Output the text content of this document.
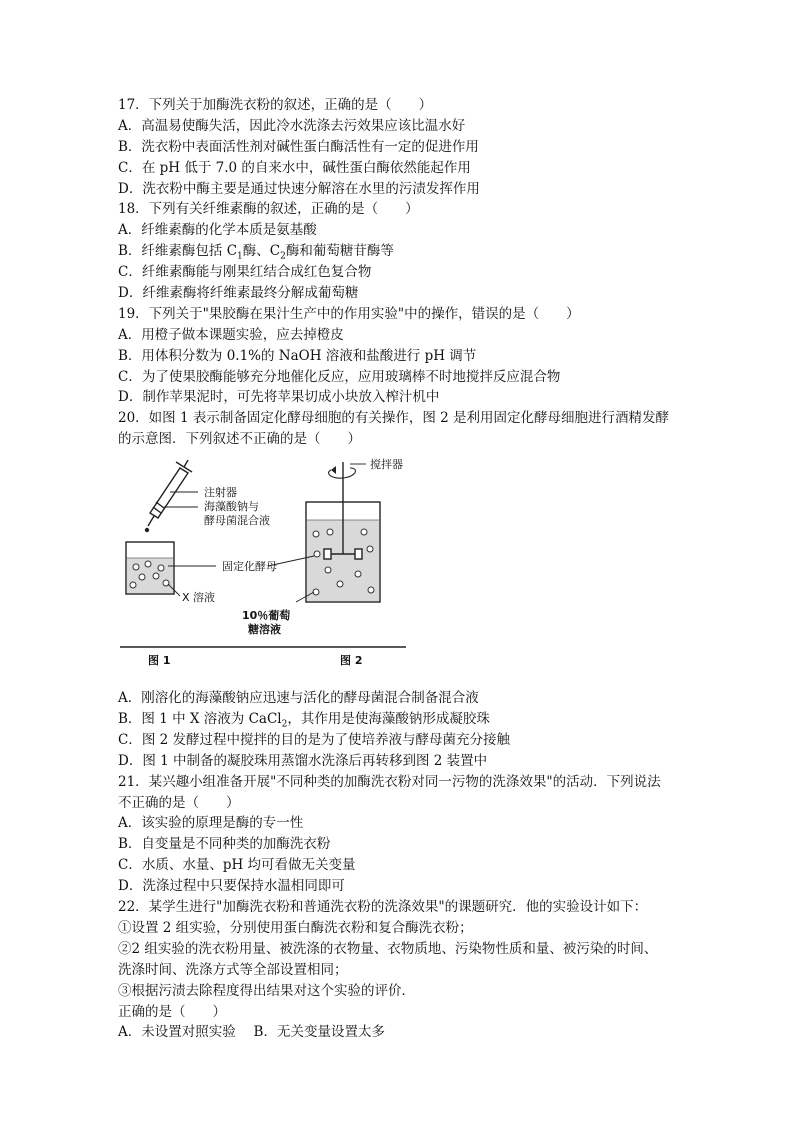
17．下列关于加酶洗衣粉的叙述，正确的是（　　）
A．高温易使酶失活，因此冷水洗涤去污效果应该比温水好
B．洗衣粉中表面活性剂对碱性蛋白酶活性有一定的促进作用
C．在 pH 低于 7.0 的自来水中，碱性蛋白酶依然能起作用
D．洗衣粉中酶主要是通过快速分解溶在水里的污渍发挥作用
18．下列有关纤维素酶的叙述，正确的是（　　）
A．纤维素酶的化学本质是氨基酸
B．纤维素酶包括 $C_1$酶、$C_2$酶和葡萄糖苷酶等
C．纤维素酶能与刚果红结合成红色复合物
D．纤维素酶将纤维素最终分解成葡萄糖
19．下列关于"果胶酶在果汁生产中的作用实验"中的操作，错误的是（　　）
A．用橙子做本课题实验，应去掉橙皮
B．用体积分数为 0.1%的 NaOH 溶液和盐酸进行 pH 调节
C．为了使果胶酶能够充分地催化反应，应用玻璃棒不时地搅拌反应混合物
D．制作苹果泥时，可先将苹果切成小块放入榨汁机中
20．如图 1 表示制备固定化酵母细胞的有关操作，图 2 是利用固定化酵母细胞进行酒精发酵
的示意图．下列叙述不正确的是（　　）
注射器
海藻酸钠与
酵母菌混合液
固定化酵母
X 溶液
搅拌器
10％葡萄
糖溶液
图 1	图 2
A．刚溶化的海藻酸钠应迅速与活化的酵母菌混合制备混合液
B．图 1 中 X 溶液为 CaCl$_2$，其作用是使海藻酸钠形成凝胶珠
C．图 2 发酵过程中搅拌的目的是为了使培养液与酵母菌充分接触
D．图 1 中制备的凝胶珠用蒸馏水洗涤后再转移到图 2 装置中
21．某兴趣小组准备开展"不同种类的加酶洗衣粉对同一污物的洗涤效果"的活动．下列说法
不正确的是（　　）
A．该实验的原理是酶的专一性
B．自变量是不同种类的加酶洗衣粉
C．水质、水量、pH 均可看做无关变量
D．洗涤过程中只要保持水温相同即可
22．某学生进行"加酶洗衣粉和普通洗衣粉的洗涤效果"的课题研究．他的实验设计如下：
①设置 2 组实验，分别使用蛋白酶洗衣粉和复合酶洗衣粉；
②2 组实验的洗衣粉用量、被洗涤的衣物量、衣物质地、污染物性质和量、被污染的时间、
洗涤时间、洗涤方式等全部设置相同；
③根据污渍去除程度得出结果对这个实验的评价．
正确的是（　　）
A．未设置对照实验　 B．无关变量设置太多
